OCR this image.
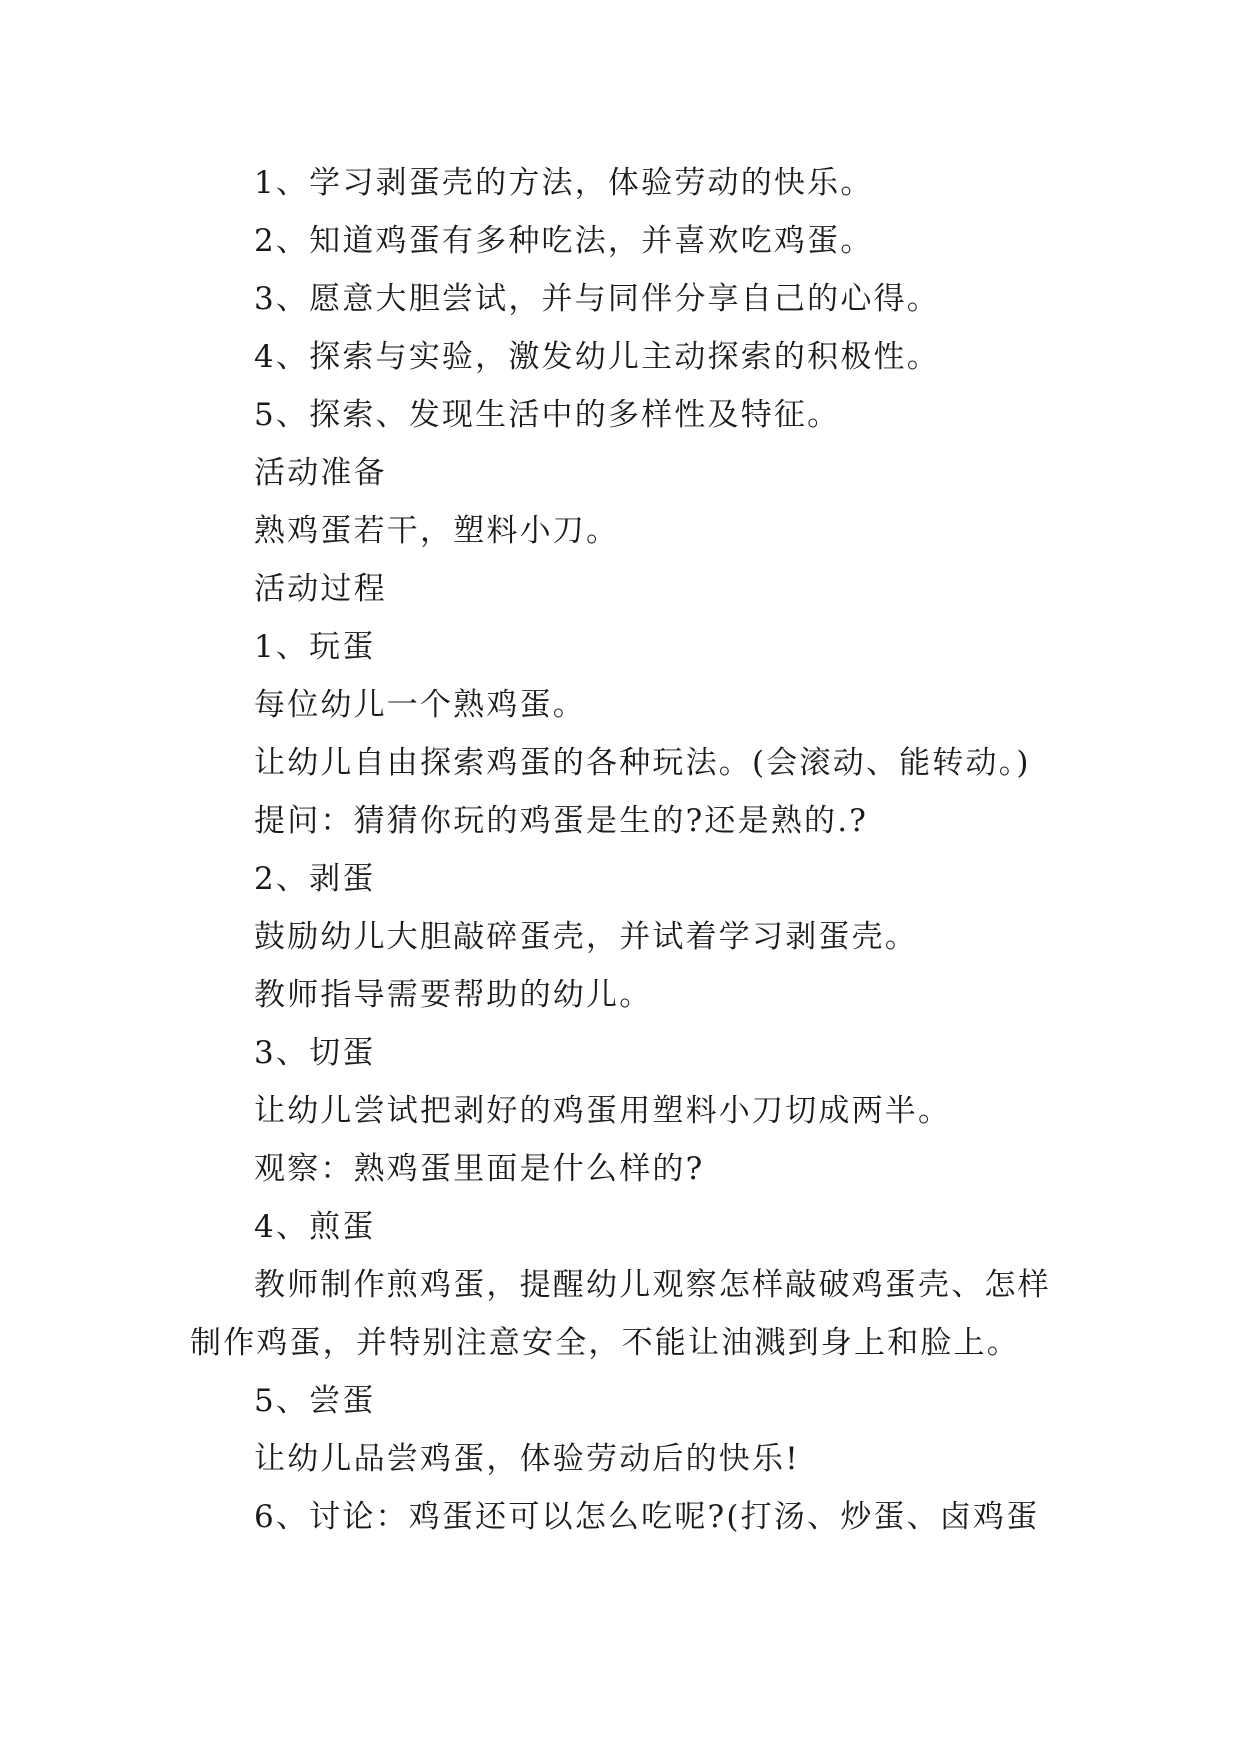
1、学习剥蛋壳的方法，体验劳动的快乐。

2、知道鸡蛋有多种吃法，并喜欢吃鸡蛋。

3、愿意大胆尝试，并与同伴分享自己的心得。

4、探索与实验，激发幼儿主动探索的积极性。

5、探索、发现生活中的多样性及特征。

活动准备

熟鸡蛋若干，塑料小刀。

活动过程

1、玩蛋

每位幼儿一个熟鸡蛋。

让幼儿自由探索鸡蛋的各种玩法。(会滚动、能转动。)

提问：猜猜你玩的鸡蛋是生的?还是熟的.?

2、剥蛋

鼓励幼儿大胆敲碎蛋壳，并试着学习剥蛋壳。

教师指导需要帮助的幼儿。

3、切蛋

让幼儿尝试把剥好的鸡蛋用塑料小刀切成两半。

观察：熟鸡蛋里面是什么样的?

4、煎蛋

教师制作煎鸡蛋，提醒幼儿观察怎样敲破鸡蛋壳、怎样制作鸡蛋，并特别注意安全，不能让油溅到身上和脸上。

5、尝蛋

让幼儿品尝鸡蛋，体验劳动后的快乐!

6、讨论：鸡蛋还可以怎么吃呢?(打汤、炒蛋、卤鸡蛋
